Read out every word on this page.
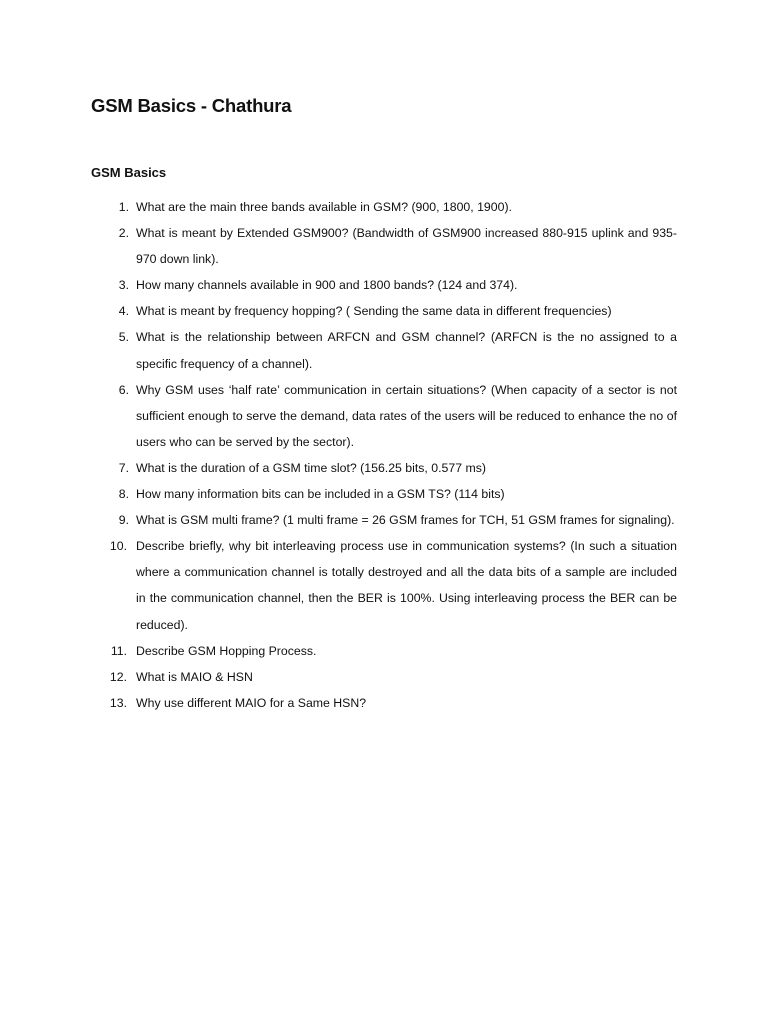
GSM Basics - Chathura
GSM Basics
1. What are the main three bands available in GSM? (900, 1800, 1900).
2. What is meant by Extended GSM900? (Bandwidth of GSM900 increased 880-915 uplink and 935-970 down link).
3. How many channels available in 900 and 1800 bands? (124 and 374).
4. What is meant by frequency hopping? ( Sending the same data in different frequencies)
5. What is the relationship between ARFCN and GSM channel? (ARFCN is the no assigned to a specific frequency of a channel).
6. Why GSM uses ‘half rate’ communication in certain situations? (When capacity of a sector is not sufficient enough to serve the demand, data rates of the users will be reduced to enhance the no of users who can be served by the sector).
7. What is the duration of a GSM time slot? (156.25 bits, 0.577 ms)
8. How many information bits can be included in a GSM TS? (114 bits)
9. What is GSM multi frame? (1 multi frame = 26 GSM frames for TCH, 51 GSM frames for signaling).
10. Describe briefly, why bit interleaving process use in communication systems? (In such a situation where a communication channel is totally destroyed and all the data bits of a sample are included in the communication channel, then the BER is 100%. Using interleaving process the BER can be reduced).
11. Describe GSM Hopping Process.
12. What is MAIO & HSN
13. Why use different MAIO for a Same HSN?
